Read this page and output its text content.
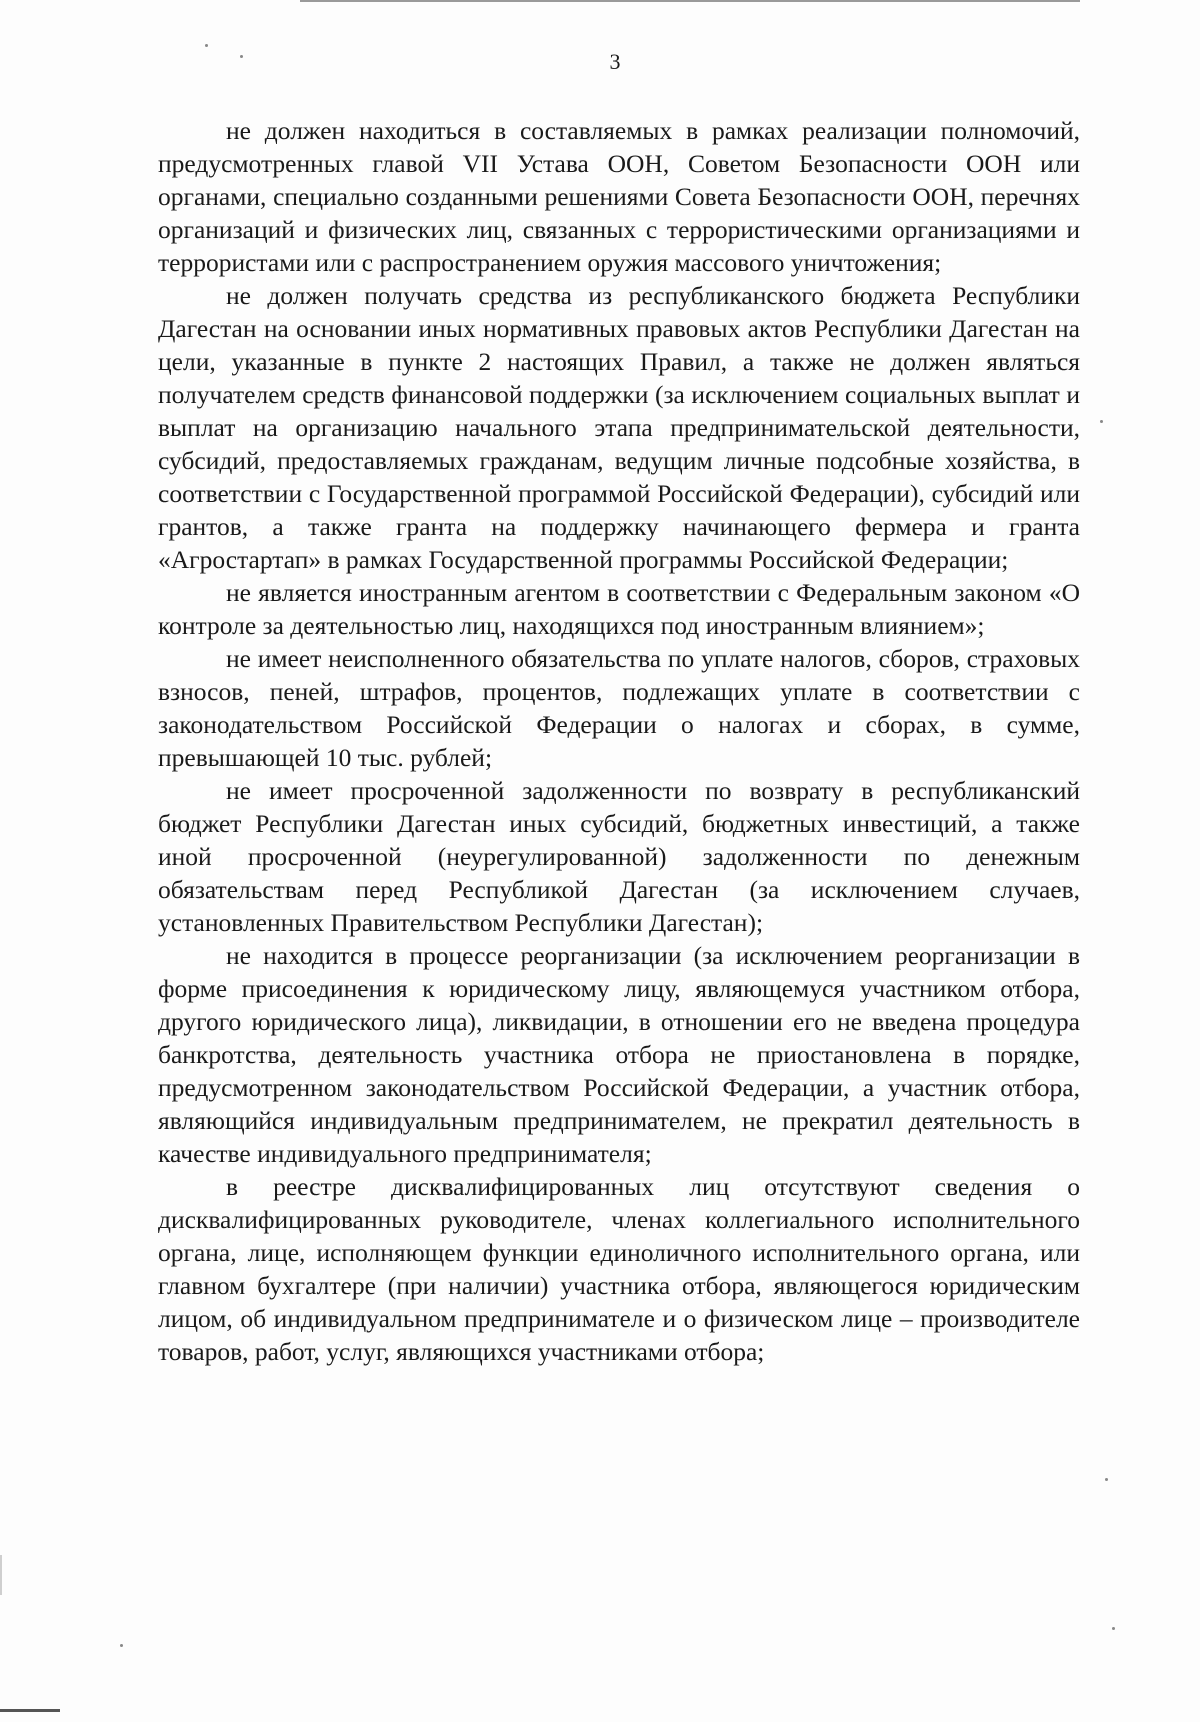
3

не должен находиться в составляемых в рамках реализации полномочий, предусмотренных главой VII Устава ООН, Советом Безопасности ООН или органами, специально созданными решениями Совета Безопасности ООН, перечнях организаций и физических лиц, связанных с террористическими организациями и террористами или с распространением оружия массового уничтожения;

не должен получать средства из республиканского бюджета Республики Дагестан на основании иных нормативных правовых актов Республики Дагестан на цели, указанные в пункте 2 настоящих Правил, а также не должен являться получателем средств финансовой поддержки (за исключением социальных выплат и выплат на организацию начального этапа предпринимательской деятельности, субсидий, предоставляемых гражданам, ведущим личные подсобные хозяйства, в соответствии с Государственной программой Российской Федерации), субсидий или грантов, а также гранта на поддержку начинающего фермера и гранта «Агростартап» в рамках Государственной программы Российской Федерации;

не является иностранным агентом в соответствии с Федеральным законом «О контроле за деятельностью лиц, находящихся под иностранным влиянием»;

не имеет неисполненного обязательства по уплате налогов, сборов, страховых взносов, пеней, штрафов, процентов, подлежащих уплате в соответствии с законодательством Российской Федерации о налогах и сборах, в сумме, превышающей 10 тыс. рублей;

не имеет просроченной задолженности по возврату в республиканский бюджет Республики Дагестан иных субсидий, бюджетных инвестиций, а также иной просроченной (неурегулированной) задолженности по денежным обязательствам перед Республикой Дагестан (за исключением случаев, установленных Правительством Республики Дагестан);

не находится в процессе реорганизации (за исключением реорганизации в форме присоединения к юридическому лицу, являющемуся участником отбора, другого юридического лица), ликвидации, в отношении его не введена процедура банкротства, деятельность участника отбора не приостановлена в порядке, предусмотренном законодательством Российской Федерации, а участник отбора, являющийся индивидуальным предпринимателем, не прекратил деятельность в качестве индивидуального предпринимателя;

в реестре дисквалифицированных лиц отсутствуют сведения о дисквалифицированных руководителе, членах коллегиального исполнительного органа, лице, исполняющем функции единоличного исполнительного органа, или главном бухгалтере (при наличии) участника отбора, являющегося юридическим лицом, об индивидуальном предпринимателе и о физическом лице – производителе товаров, работ, услуг, являющихся участниками отбора;
